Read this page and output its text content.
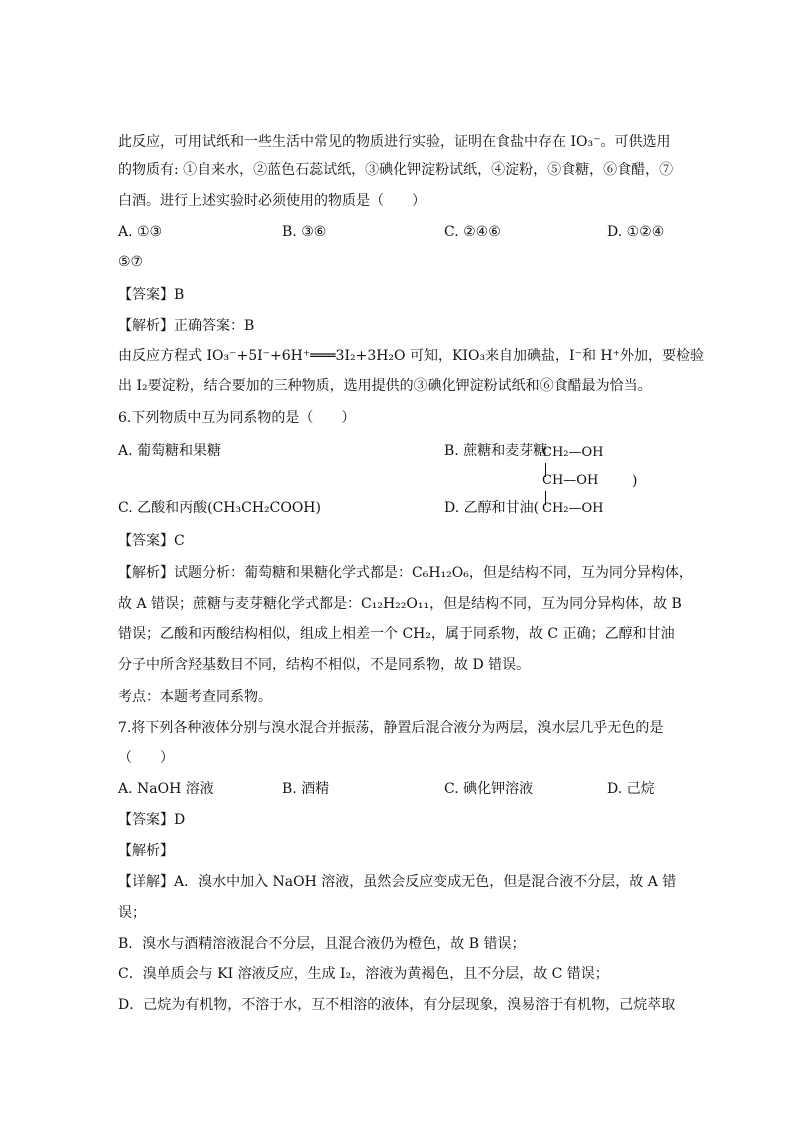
此反应，可用试纸和一些生活中常见的物质进行实验，证明在食盐中存在 IO₃⁻。可供选用
的物质有: ①自来水，②蓝色石蕊试纸，③碘化钾淀粉试纸，④淀粉，⑤食糖，⑥食醋，⑦
白酒。进行上述实验时必须使用的物质是（　　）
A. ①③	B. ③⑥	C. ②④⑥	D. ①②④
⑤⑦
【答案】B
【解析】正确答案：B
由反应方程式 IO₃⁻+5I⁻+6H⁺═══3I₂+3H₂O 可知，KIO₃来自加碘盐，I⁻和 H⁺外加，要检验
出 I₂要淀粉，结合要加的三种物质，选用提供的③碘化钾淀粉试纸和⑥食醋最为恰当。
6.下列物质中互为同系物的是（　　）
A. 葡萄糖和果糖	B. 蔗糖和麦芽糖
C. 乙酸和丙酸(CH₃CH₂COOH)	D. 乙醇和甘油(
CH₂—OH
CH—OH
CH₂—OH
)
【答案】C
【解析】试题分析：葡萄糖和果糖化学式都是：C₆H₁₂O₆，但是结构不同，互为同分异构体，
故 A 错误；蔗糖与麦芽糖化学式都是：C₁₂H₂₂O₁₁，但是结构不同，互为同分异构体，故 B
错误；乙酸和丙酸结构相似，组成上相差一个 CH₂，属于同系物，故 C 正确；乙醇和甘油
分子中所含羟基数目不同，结构不相似，不是同系物，故 D 错误。
考点：本题考查同系物。
7.将下列各种液体分别与溴水混合并振荡，静置后混合液分为两层，溴水层几乎无色的是
（　　）
A. NaOH 溶液	B. 酒精	C. 碘化钾溶液	D. 己烷
【答案】D
【解析】
【详解】A．溴水中加入 NaOH 溶液，虽然会反应变成无色，但是混合液不分层，故 A 错
误；
B．溴水与酒精溶液混合不分层，且混合液仍为橙色，故 B 错误；
C．溴单质会与 KI 溶液反应，生成 I₂，溶液为黄褐色，且不分层，故 C 错误；
D．己烷为有机物，不溶于水，互不相溶的液体，有分层现象，溴易溶于有机物，己烷萃取
